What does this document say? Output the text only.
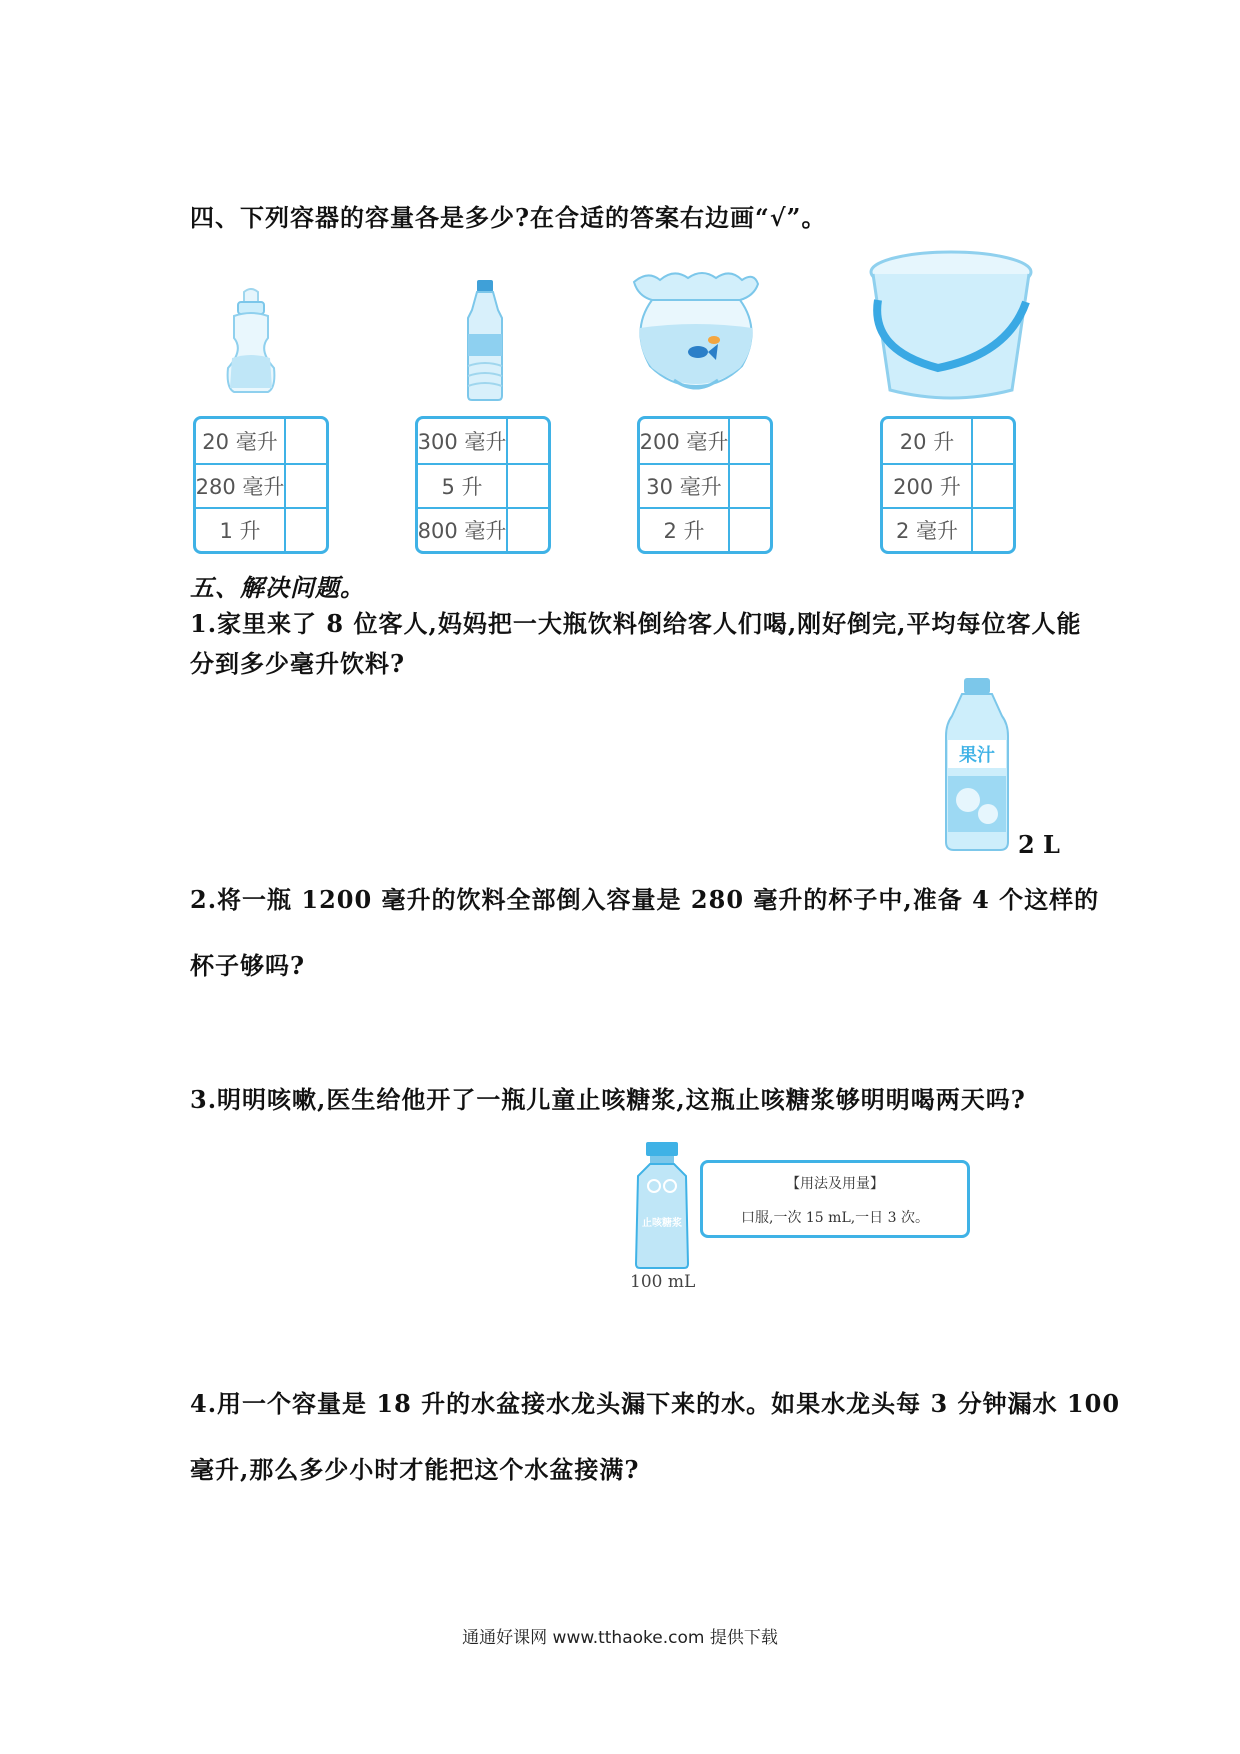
四、下列容器的容量各是多少?在合适的答案右边画“√”。
20 毫升
280 毫升
1 升
300 毫升
5 升
800 毫升
200 毫升
30 毫升
2 升
20 升
200 升
2 毫升
五、解决问题。
1.家里来了 8 位客人,妈妈把一大瓶饮料倒给客人们喝,刚好倒完,平均每位客人能
分到多少毫升饮料?
果汁
2 L
2.将一瓶 1200 毫升的饮料全部倒入容量是 280 毫升的杯子中,准备 4 个这样的
杯子够吗?
3.明明咳嗽,医生给他开了一瓶儿童止咳糖浆,这瓶止咳糖浆够明明喝两天吗?
止咳糖浆
100 mL
【用法及用量】
口服,一次 15 mL,一日 3 次。
4.用一个容量是 18 升的水盆接水龙头漏下来的水。如果水龙头每 3 分钟漏水 100
毫升,那么多少小时才能把这个水盆接满?
通通好课网 www.tthaoke.com 提供下载
